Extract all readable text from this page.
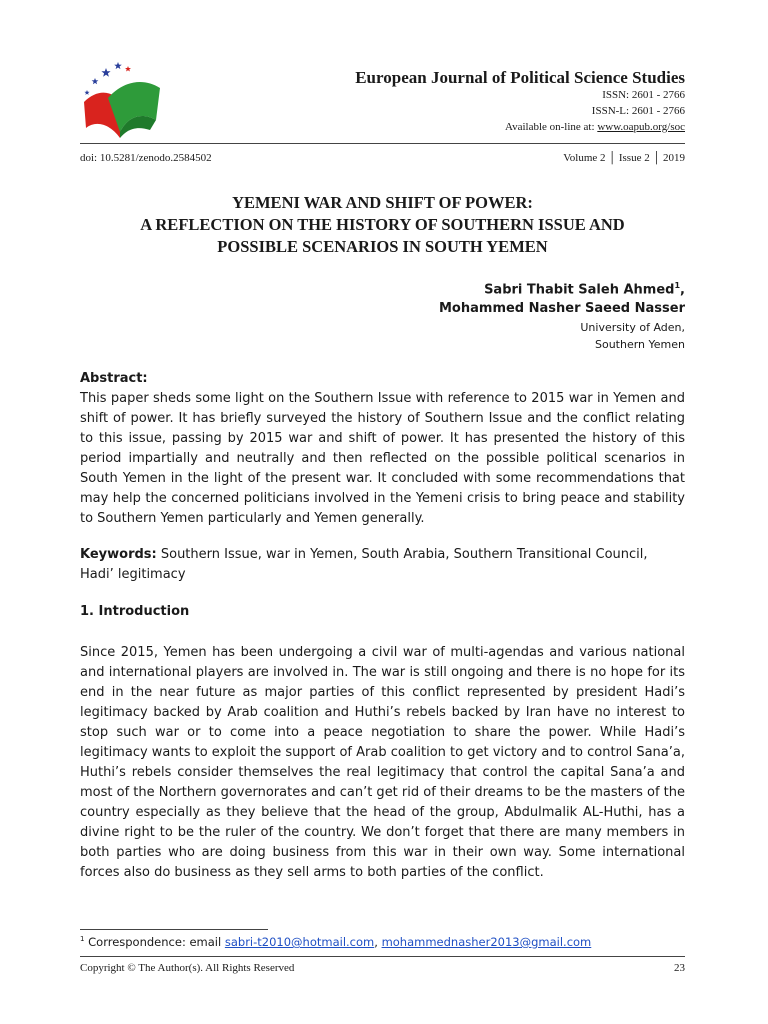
European Journal of Political Science Studies
ISSN: 2601 - 2766
ISSN-L: 2601 - 2766
Available on-line at: www.oapub.org/soc
doi: 10.5281/zenodo.2584502	Volume 2 │ Issue 2 │ 2019
YEMENI WAR AND SHIFT OF POWER:
A REFLECTION ON THE HISTORY OF SOUTHERN ISSUE AND
POSSIBLE SCENARIOS IN SOUTH YEMEN
Sabri Thabit Saleh Ahmed$^1$,
Mohammed Nasher Saeed Nasser
University of Aden,
Southern Yemen
Abstract:
This paper sheds some light on the Southern Issue with reference to 2015 war in Yemen and shift of power. It has briefly surveyed the history of Southern Issue and the conflict relating to this issue, passing by 2015 war and shift of power. It has presented the history of this period impartially and neutrally and then reflected on the possible political scenarios in South Yemen in the light of the present war. It concluded with some recommendations that may help the concerned politicians involved in the Yemeni crisis to bring peace and stability to Southern Yemen particularly and Yemen generally.
Keywords: Southern Issue, war in Yemen, South Arabia, Southern Transitional Council, Hadi’ legitimacy
1. Introduction
Since 2015, Yemen has been undergoing a civil war of multi-agendas and various national and international players are involved in. The war is still ongoing and there is no hope for its end in the near future as major parties of this conflict represented by president Hadi’s legitimacy backed by Arab coalition and Huthi’s rebels backed by Iran have no interest to stop such war or to come into a peace negotiation to share the power. While Hadi’s legitimacy wants to exploit the support of Arab coalition to get victory and to control Sana’a, Huthi’s rebels consider themselves the real legitimacy that control the capital Sana’a and most of the Northern governorates and can’t get rid of their dreams to be the masters of the country especially as they believe that the head of the group, Abdulmalik AL-Huthi, has a divine right to be the ruler of the country. We don’t forget that there are many members in both parties who are doing business from this war in their own way. Some international forces also do business as they sell arms to both parties of the conflict.
$^1$ Correspondence: email sabri-t2010@hotmail.com, mohammednasher2013@gmail.com
Copyright © The Author(s). All Rights Reserved	23
